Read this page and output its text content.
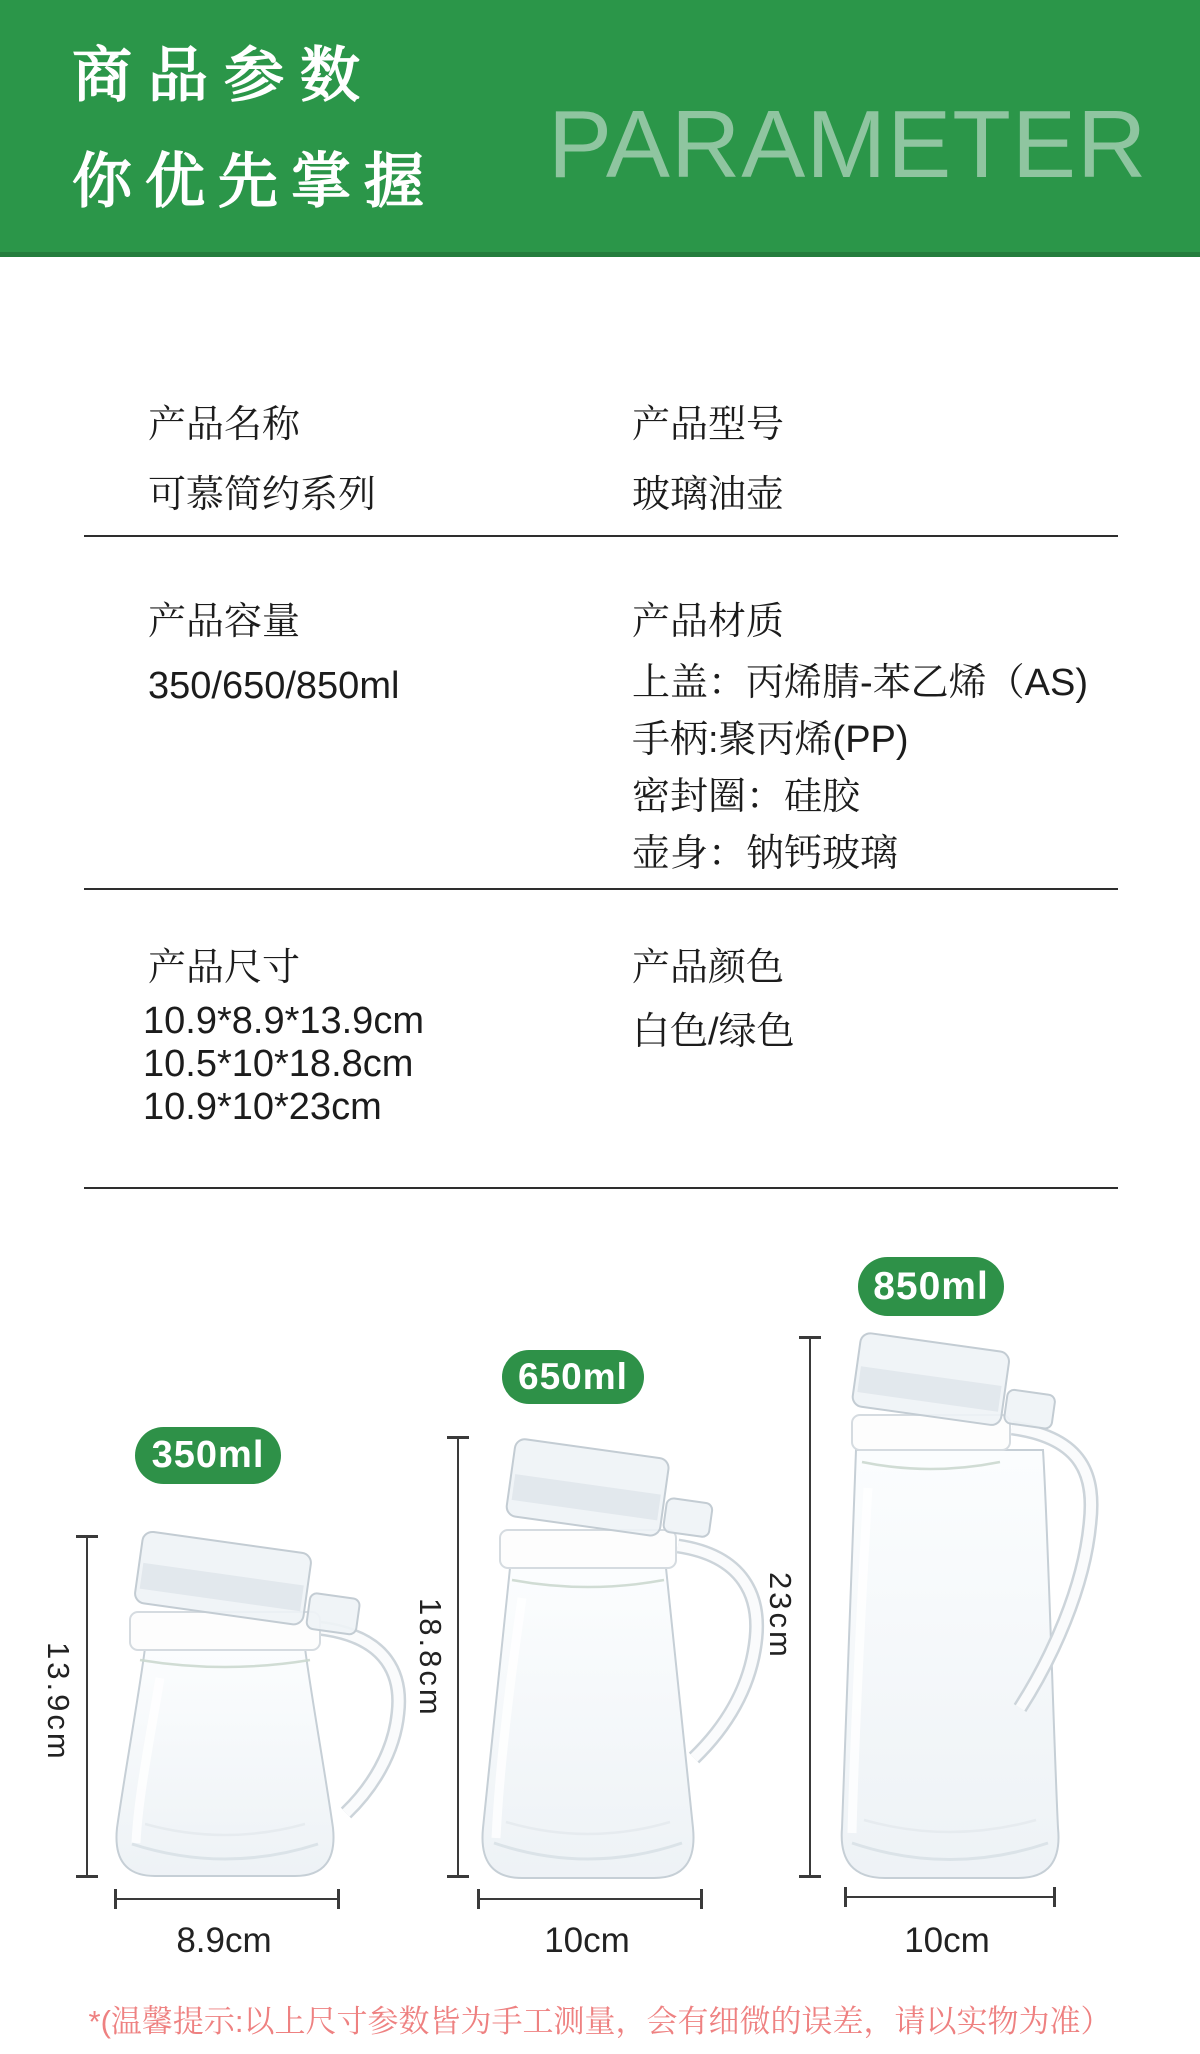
商品参数
你优先掌握 PARAMETER
产品名称
可慕简约系列
产品型号
玻璃油壶
产品容量
350/650/850ml
产品材质
上盖：丙烯腈-苯乙烯（AS)
手柄:聚丙烯(PP)
密封圈：硅胶
壶身：钠钙玻璃
产品尺寸
10.9*8.9*13.9cm
10.5*10*18.8cm
10.9*10*23cm
产品颜色
白色/绿色
350ml
650ml
850ml
13.9cm	18.8cm	23cm
8.9cm	10cm	10cm
*(温馨提示:以上尺寸参数皆为手工测量，会有细微的误差，请以实物为准）
